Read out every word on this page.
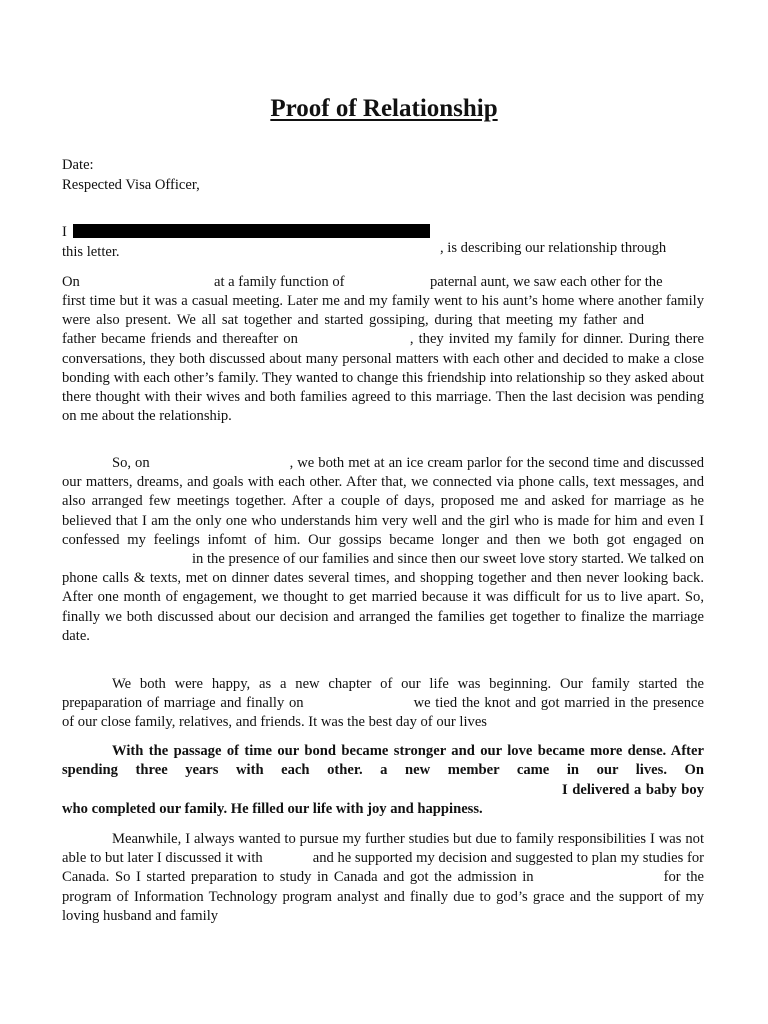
Proof of Relationship

Date:

Respected Visa Officer,

I

, is describing our relationship through

this letter.

On	at a family function of	paternal aunt, we saw each other for the

first time but it was a casual meeting. Later me and my family went to his aunt’s home where another family were also present. We all sat together and started gossiping, during that meeting my father andfather became friends and thereafter on	, they invited my family for dinner. During there conversations, they both discussed about many personal matters with each other and decided to make a close bonding with each other’s family. They wanted to change this friendship into relationship so they asked about there thought with their wives and both families agreed to this marriage. Then the last decision was pending on me about the relationship.

So, on	, we both met at an ice cream parlor for the second time and discussed our matters, dreams, and goals with each other. After that, we connected via phone calls, text messages, and also arranged few meetings together. After a couple of days, proposed me and asked for marriage as he believed that I am the only one who understands him very well and the girl who is made for him and even I confessed my feelings infomt of him. Our gossips became longer and then we both got engaged onin the presence of our families and since then our sweet love story started. We talked on phone calls & texts, met on dinner dates several times, and shopping together and then never looking back. After one month of engagement, we thought to get married because it was difficult for us to live apart. So, finally we both discussed about our decision and arranged the families get together to finalize the marriage date.

We both were happy, as a new chapter of our life was beginning. Our family started the prepaparation of marriage and finally on	we tied the knot and got married in the presence of our close family, relatives, and friends. It was the best day of our lives

With the passage of time our bond became stronger and our love became more dense. After spending three years with each other. a new member came in our lives. OnI delivered a baby boy who completed our family. He filled our life with joy and happiness.

Meanwhile, I always wanted to pursue my further studies but due to family responsibilities I was not able to but later I discussed it with	and he supported my decision and suggested to plan my studies for Canada. So I started preparation to study in Canada and got the admission in	for the program of Information Technology program analyst and finally due to god’s grace and the support of my loving husband and family
